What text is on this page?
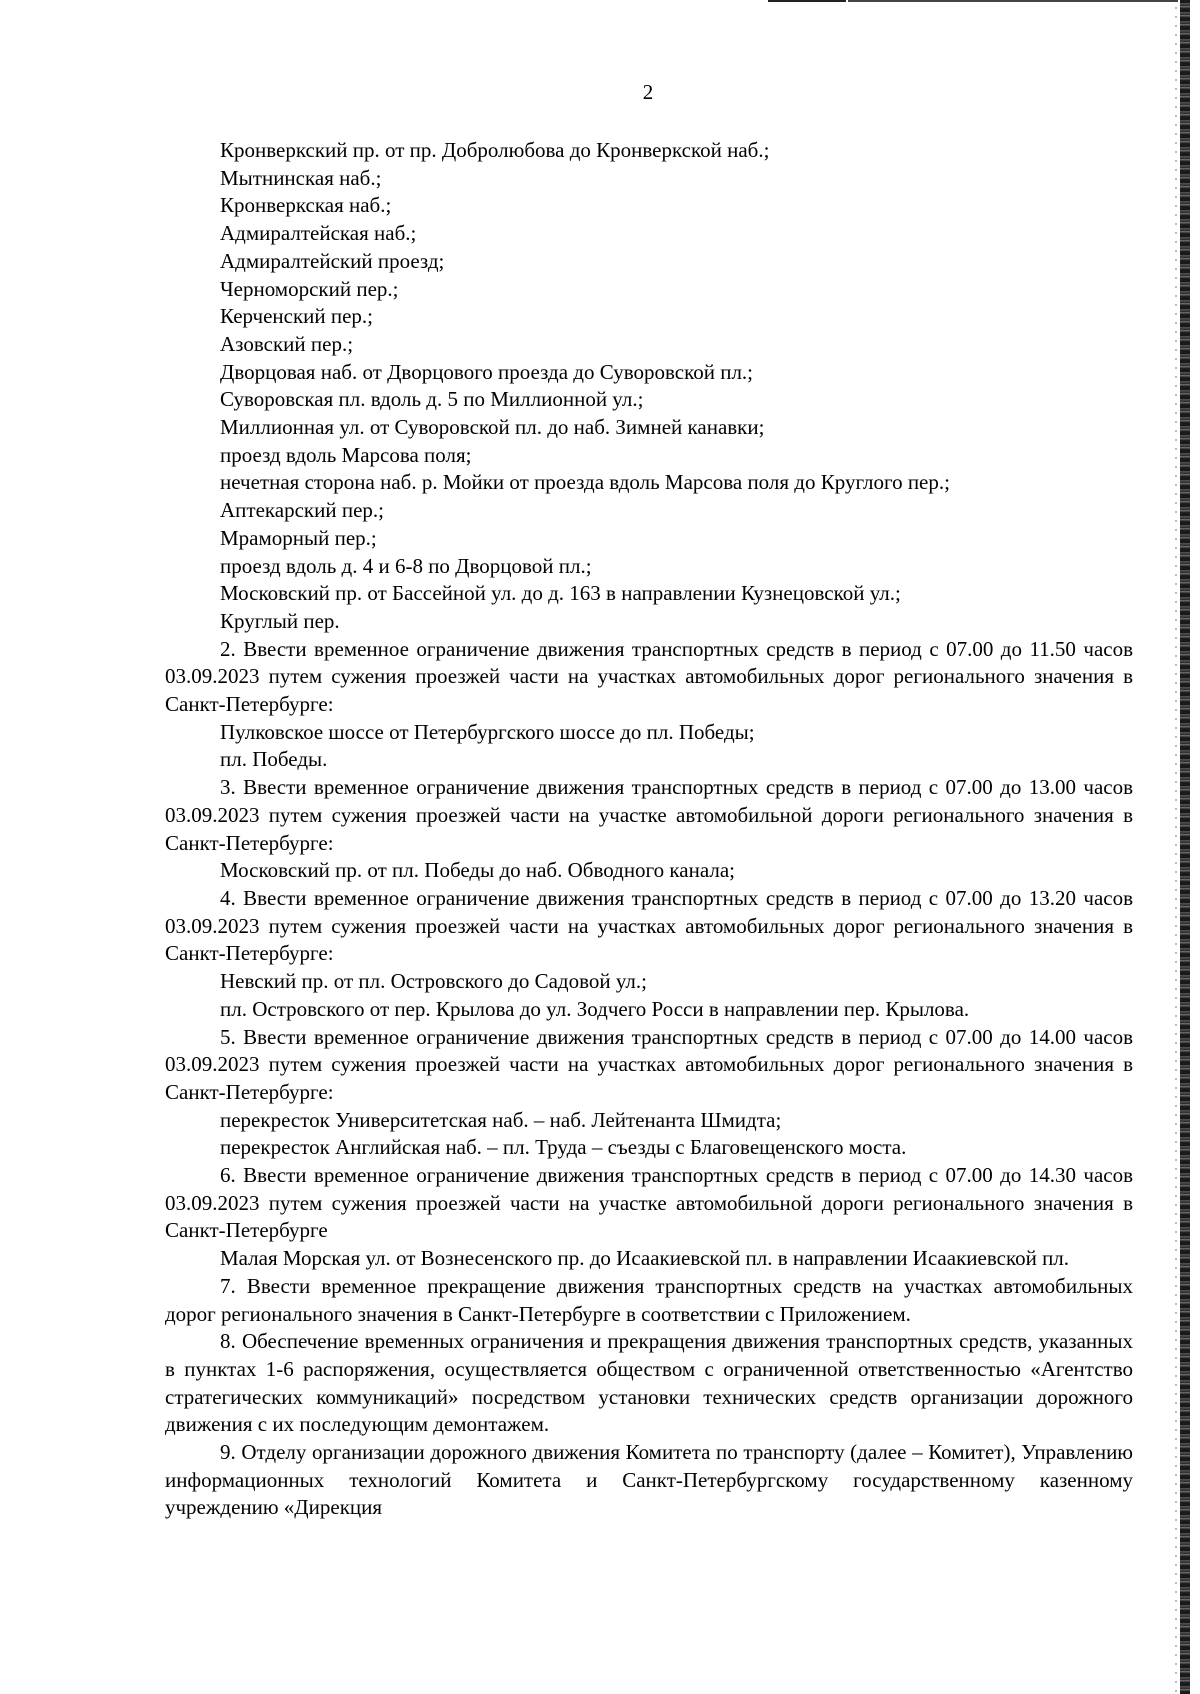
2
Кронверкский пр. от пр. Добролюбова до Кронверкской наб.;
Мытнинская наб.;
Кронверкская наб.;
Адмиралтейская наб.;
Адмиралтейский проезд;
Черноморский пер.;
Керченский пер.;
Азовский пер.;
Дворцовая наб. от Дворцового проезда до Суворовской пл.;
Суворовская пл. вдоль д. 5 по Миллионной ул.;
Миллионная ул. от Суворовской пл. до наб. Зимней канавки;
проезд вдоль Марсова поля;
нечетная сторона наб. р. Мойки от проезда вдоль Марсова поля до Круглого пер.;
Аптекарский пер.;
Мраморный пер.;
проезд вдоль д. 4 и 6-8 по Дворцовой пл.;
Московский пр. от Бассейной ул. до д. 163 в направлении Кузнецовской ул.;
Круглый пер.

2. Ввести временное ограничение движения транспортных средств в период с 07.00 до 11.50 часов 03.09.2023 путем сужения проезжей части на участках автомобильных дорог регионального значения в Санкт-Петербурге:

Пулковское шоссе от Петербургского шоссе до пл. Победы;
пл. Победы.

3. Ввести временное ограничение движения транспортных средств в период с 07.00 до 13.00 часов 03.09.2023 путем сужения проезжей части на участке автомобильной дороги регионального значения в Санкт-Петербурге:

Московский пр. от пл. Победы до наб. Обводного канала;

4. Ввести временное ограничение движения транспортных средств в период с 07.00 до 13.20 часов 03.09.2023 путем сужения проезжей части на участках автомобильных дорог регионального значения в Санкт-Петербурге:

Невский пр. от пл. Островского до Садовой ул.;
пл. Островского от пер. Крылова до ул. Зодчего Росси в направлении пер. Крылова.

5. Ввести временное ограничение движения транспортных средств в период с 07.00 до 14.00 часов 03.09.2023 путем сужения проезжей части на участках автомобильных дорог регионального значения в Санкт-Петербурге:

перекресток Университетская наб. – наб. Лейтенанта Шмидта;
перекресток Английская наб. – пл. Труда – съезды с Благовещенского моста.

6. Ввести временное ограничение движения транспортных средств в период с 07.00 до 14.30 часов 03.09.2023 путем сужения проезжей части на участке автомобильной дороги регионального значения в Санкт-Петербурге

Малая Морская ул. от Вознесенского пр. до Исаакиевской пл. в направлении Исаакиевской пл.

7. Ввести временное прекращение движения транспортных средств на участках автомобильных дорог регионального значения в Санкт-Петербурге в соответствии с Приложением.

8. Обеспечение временных ограничения и прекращения движения транспортных средств, указанных в пунктах 1-6 распоряжения, осуществляется обществом с ограниченной ответственностью «Агентство стратегических коммуникаций» посредством установки технических средств организации дорожного движения с их последующим демонтажем.

9. Отделу организации дорожного движения Комитета по транспорту (далее – Комитет), Управлению информационных технологий Комитета и Санкт-Петербургскому государственному казенному учреждению «Дирекция
